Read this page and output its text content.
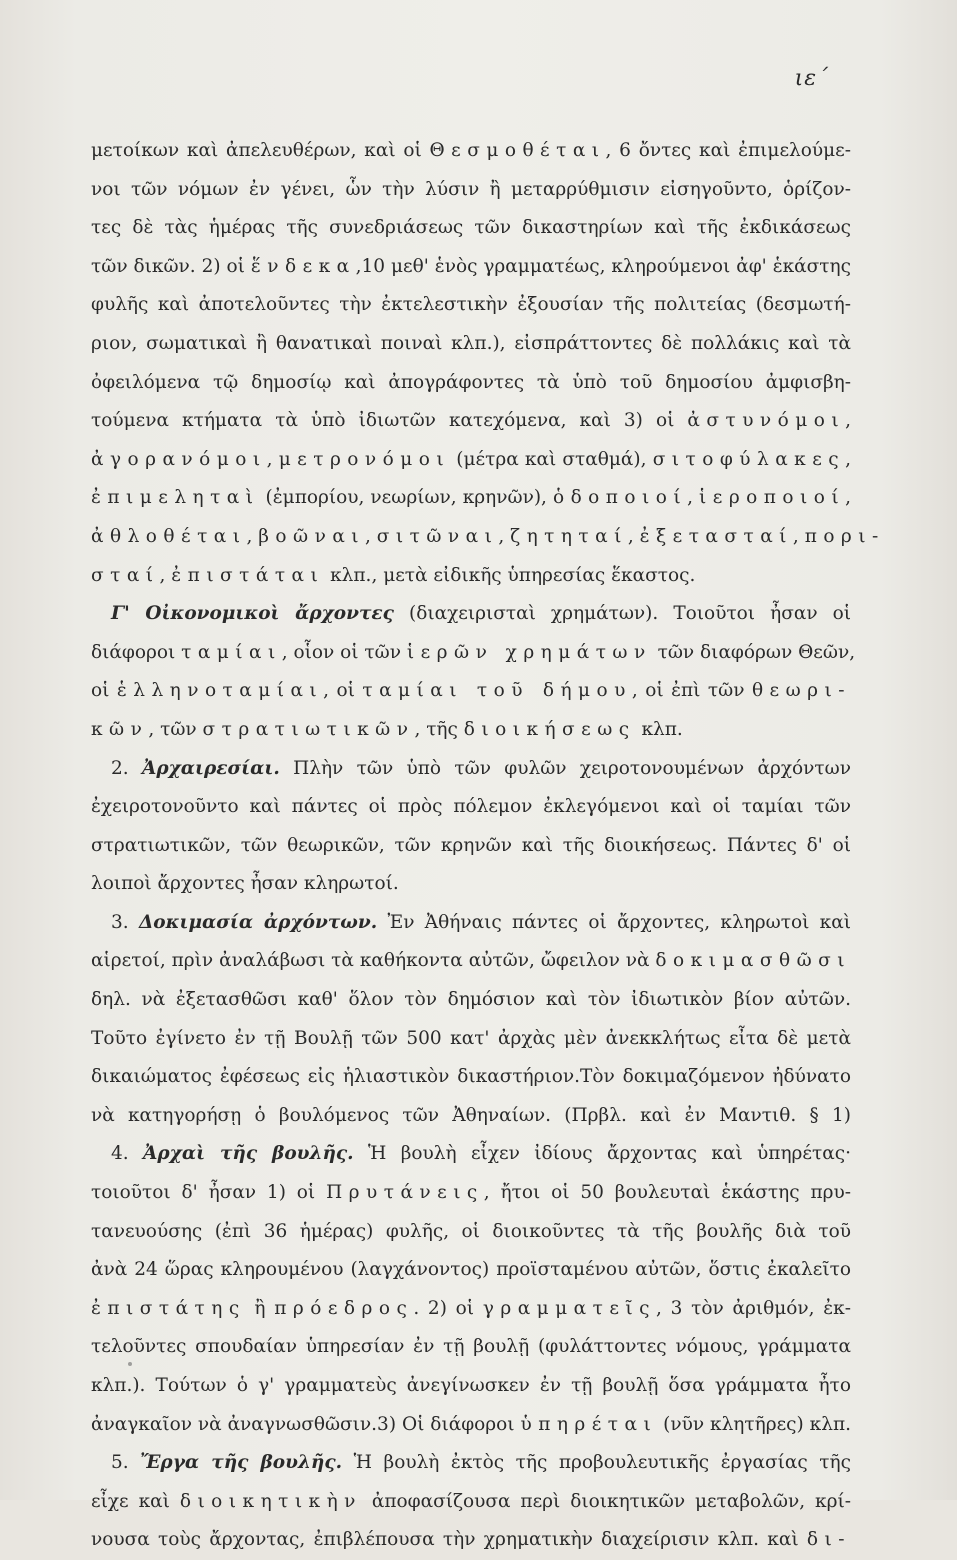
ιε´
μετοίκων καὶ ἀπελευθέρων, καὶ οἱ Θεσμοθέται, 6 ὄντες καὶ ἐπιμελούμε-
νοι τῶν νόμων ἐν γένει, ὧν τὴν λύσιν ἢ μεταρρύθμισιν εἰσηγοῦντο, ὁρίζον-
τες δὲ τὰς ἡμέρας τῆς συνεδριάσεως τῶν δικαστηρίων καὶ τῆς ἐκδικάσεως
τῶν δικῶν. 2) οἱ ἕνδεκα,10 μεθ' ἑνὸς γραμματέως, κληρούμενοι ἀφ' ἑκάστης
φυλῆς καὶ ἀποτελοῦντες τὴν ἐκτελεστικὴν ἐξουσίαν τῆς πολιτείας (δεσμωτή-
ριον, σωματικαὶ ἢ θανατικαὶ ποιναὶ κλπ.), εἰσπράττοντες δὲ πολλάκις καὶ τὰ
ὀφειλόμενα τῷ δημοσίῳ καὶ ἀπογράφοντες τὰ ὑπὸ τοῦ δημοσίου ἀμφισβη-
τούμενα κτήματα τὰ ὑπὸ ἰδιωτῶν κατεχόμενα, καὶ 3) οἱ ἀστυνόμοι,
ἀγορανόμοι, μετρονόμοι (μέτρα καὶ σταθμά), σιτοφύλακες,
ἐπιμεληταὶ (ἐμπορίου, νεωρίων, κρηνῶν), ὁδοποιοί, ἱεροποιοί,
ἀθλοθέται, βοῶναι, σιτῶναι, ζητηταί, ἐξετασταί, πορι-
σταί, ἐπιστάται κλπ., μετὰ εἰδικῆς ὑπηρεσίας ἕκαστος.
Γ' Οἰκονομικοὶ ἄρχοντες (διαχειρισταὶ χρημάτων). Τοιοῦτοι ἦσαν οἱ
διάφοροι ταμίαι, οἷον οἱ τῶν ἱερῶν χρημάτων τῶν διαφόρων Θεῶν,
οἱ ἑλληνοταμίαι, οἱ ταμίαι τοῦ δήμου, οἱ ἐπὶ τῶν θεωρι-
κῶν, τῶν στρατιωτικῶν, τῆς διοικήσεως κλπ.
2. Ἀρχαιρεσίαι. Πλὴν τῶν ὑπὸ τῶν φυλῶν χειροτονουμένων ἀρχόντων
ἐχειροτονοῦντο καὶ πάντες οἱ πρὸς πόλεμον ἐκλεγόμενοι καὶ οἱ ταμίαι τῶν
στρατιωτικῶν, τῶν θεωρικῶν, τῶν κρηνῶν καὶ τῆς διοικήσεως. Πάντες δ' οἱ
λοιποὶ ἄρχοντες ἦσαν κληρωτοί.
3. Δοκιμασία ἀρχόντων. Ἐν Ἀθήναις πάντες οἱ ἄρχοντες, κληρωτοὶ καὶ
αἱρετοί, πρὶν ἀναλάβωσι τὰ καθήκοντα αὐτῶν, ὤφειλον νὰ δοκιμασθῶσι
δηλ. νὰ ἐξετασθῶσι καθ' ὅλον τὸν δημόσιον καὶ τὸν ἰδιωτικὸν βίον αὐτῶν.
Τοῦτο ἐγίνετο ἐν τῇ Βουλῇ τῶν 500 κατ' ἀρχὰς μὲν ἀνεκκλήτως εἶτα δὲ μετὰ
δικαιώματος ἐφέσεως εἰς ἡλιαστικὸν δικαστήριον.Τὸν δοκιμαζόμενον ἠδύνατο
νὰ κατηγορήσῃ ὁ βουλόμενος τῶν Ἀθηναίων. (Πρβλ. καὶ ἐν Μαντιθ. § 1)
4. Ἀρχαὶ τῆς βουλῆς. Ἡ βουλὴ εἶχεν ἰδίους ἄρχοντας καὶ ὑπηρέτας·
τοιοῦτοι δ' ἦσαν 1) οἱ Πρυτάνεις, ἤτοι οἱ 50 βουλευταὶ ἑκάστης πρυ-
τανευούσης (ἐπὶ 36 ἡμέρας) φυλῆς, οἱ διοικοῦντες τὰ τῆς βουλῆς διὰ τοῦ
ἀνὰ 24 ὥρας κληρουμένου (λαγχάνοντος) προϊσταμένου αὐτῶν, ὅστις ἐκαλεῖτο
ἐπιστάτης ἢ πρόεδρος. 2) οἱ γραμματεῖς, 3 τὸν ἀριθμόν, ἐκ-
τελοῦντες σπουδαίαν ὑπηρεσίαν ἐν τῇ βουλῇ (φυλάττοντες νόμους, γράμματα
κλπ.). Τούτων ὁ γ' γραμματεὺς ἀνεγίνωσκεν ἐν τῇ βουλῇ ὅσα γράμματα ἦτο
ἀναγκαῖον νὰ ἀναγνωσθῶσιν.3) Οἱ διάφοροι ὑπηρέται (νῦν κλητῆρες) κλπ.
5. Ἔργα τῆς βουλῆς. Ἡ βουλὴ ἐκτὸς τῆς προβουλευτικῆς ἐργασίας τῆς
εἶχε καὶ διοικητικὴν ἀποφασίζουσα περὶ διοικητικῶν μεταβολῶν, κρί-
νουσα τοὺς ἄρχοντας, ἐπιβλέπουσα τὴν χρηματικὴν διαχείρισιν κλπ. καὶ δι-
